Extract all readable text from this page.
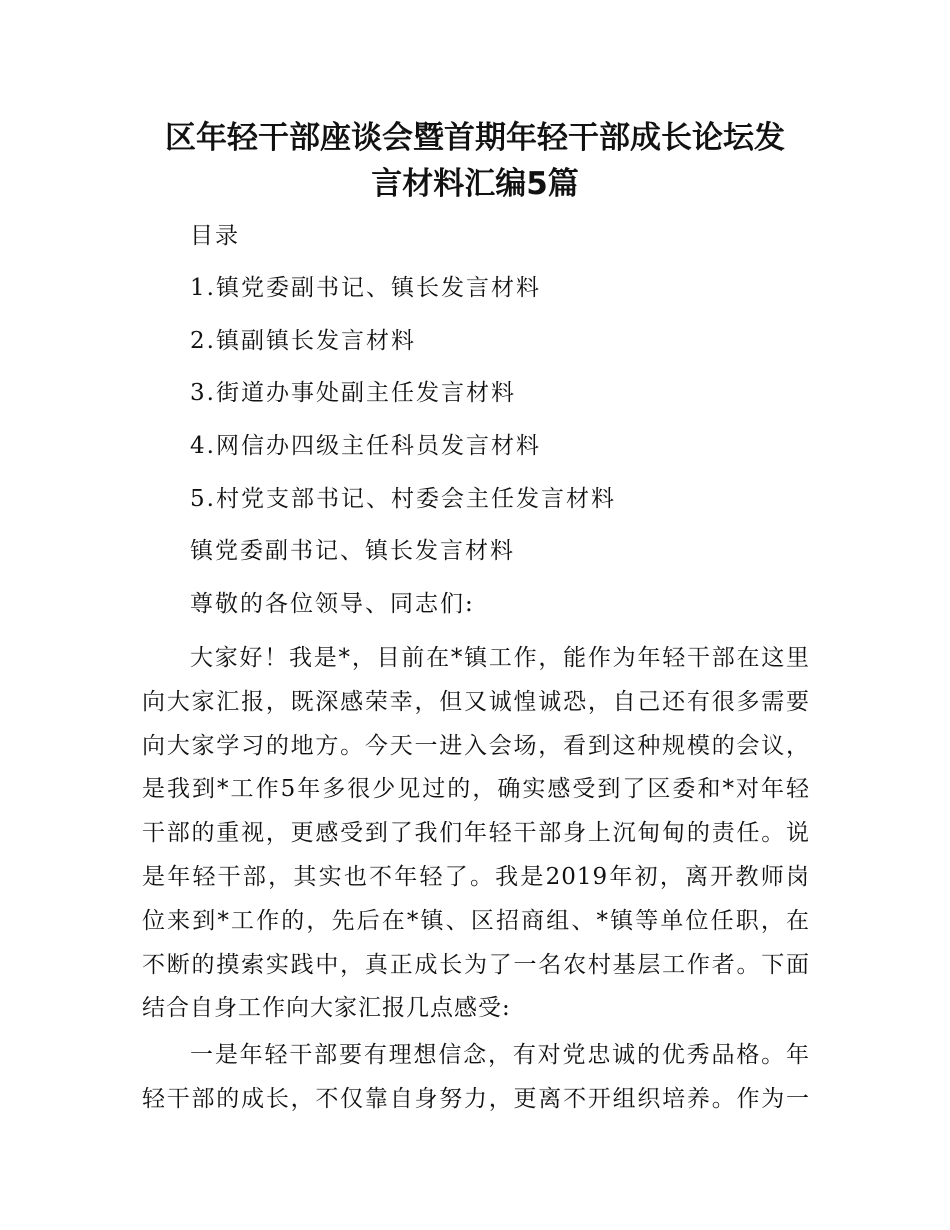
区年轻干部座谈会暨首期年轻干部成长论坛发
言材料汇编5篇
目录
1.镇党委副书记、镇长发言材料
2.镇副镇长发言材料
3.街道办事处副主任发言材料
4.网信办四级主任科员发言材料
5.村党支部书记、村委会主任发言材料
镇党委副书记、镇长发言材料
尊敬的各位领导、同志们:
大家好！我是*，目前在*镇工作，能作为年轻干部在这里
向大家汇报，既深感荣幸，但又诚惶诚恐，自己还有很多需要
向大家学习的地方。今天一进入会场，看到这种规模的会议，
是我到*工作5年多很少见过的，确实感受到了区委和*对年轻
干部的重视，更感受到了我们年轻干部身上沉甸甸的责任。说
是年轻干部，其实也不年轻了。我是2019年初，离开教师岗
位来到*工作的，先后在*镇、区招商组、*镇等单位任职，在
不断的摸索实践中，真正成长为了一名农村基层工作者。下面
结合自身工作向大家汇报几点感受:
一是年轻干部要有理想信念，有对党忠诚的优秀品格。年
轻干部的成长，不仅靠自身努力，更离不开组织培养。作为一
